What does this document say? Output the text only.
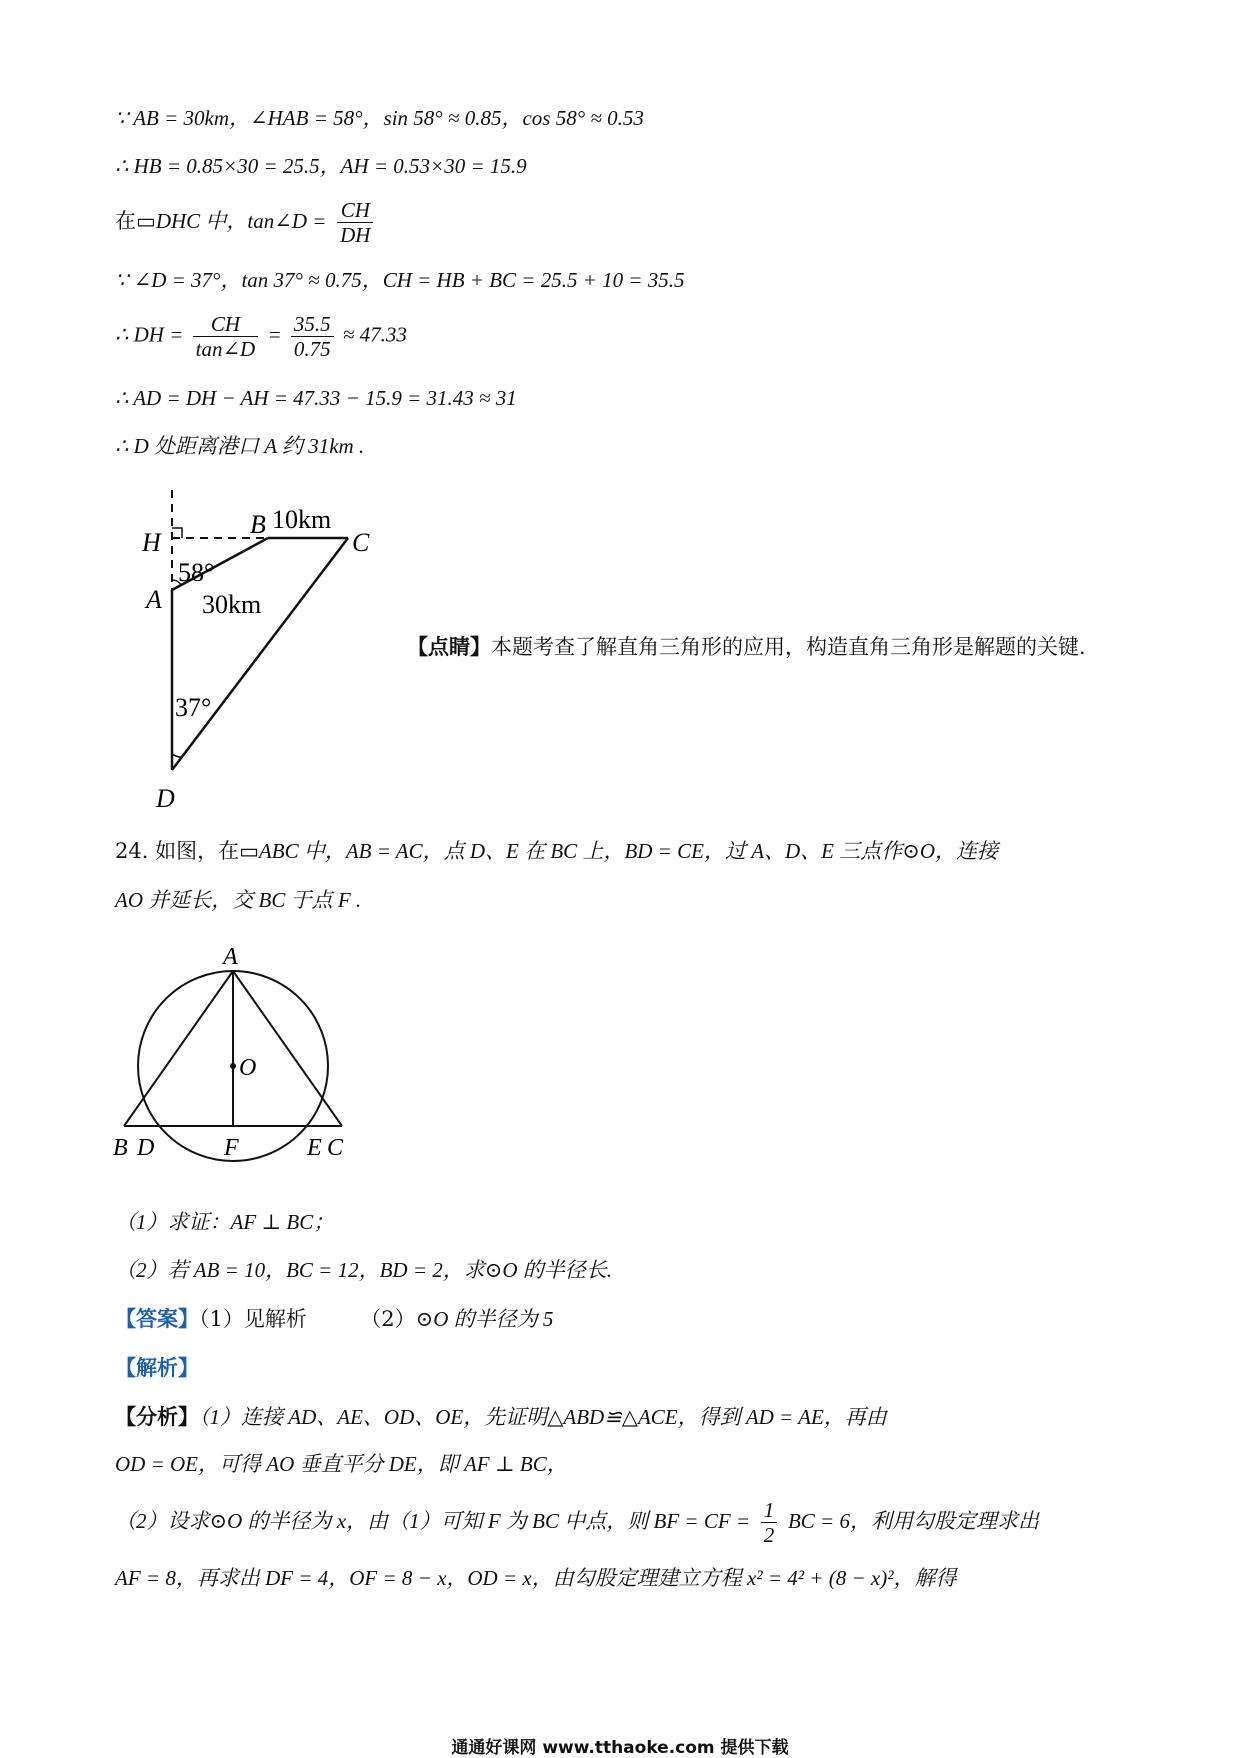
∵ AB = 30km，∠HAB = 58°，sin 58° ≈ 0.85，cos 58° ≈ 0.53
∴ HB = 0.85×30 = 25.5，AH = 0.53×30 = 15.9
在▭DHC 中，tan∠D = $\frac{CH}{DH}$
∵ ∠D = 37°，tan 37° ≈ 0.75，CH = HB + BC = 25.5 + 10 = 35.5
∴ DH = $\frac{CH}{\tan\angle D} = \frac{35.5}{0.75} \approx 47.33$
∴ AD = DH − AH = 47.33 − 15.9 = 31.43 ≈ 31
∴ D 处距离港口 A 约 31km .
H
B 10km
C
58°
A 30km
37°
D
【点睛】本题考查了解直角三角形的应用，构造直角三角形是解题的关键.
24. 如图，在▭ABC 中，AB = AC，点 D、E 在 BC 上，BD = CE，过 A、D、E 三点作⊙O，连接
AO 并延长，交 BC 于点 F .
A
O
B D	F	E C
（1）求证：AF ⊥ BC；
（2）若 AB = 10，BC = 12，BD = 2，求⊙O 的半径长.
【答案】（1）见解析	（2）⊙O 的半径为 5
【解析】
【分析】（1）连接 AD、AE、OD、OE，先证明△ABD≌△ACE，得到 AD = AE，再由
OD = OE，可得 AO 垂直平分 DE，即 AF ⊥ BC，
（2）设求⊙O 的半径为 x，由（1）可知 F 为 BC 中点，则 BF = CF = $\frac{1}{2}$ BC = 6，利用勾股定理求出
AF = 8，再求出 DF = 4，OF = 8 − x，OD = x，由勾股定理建立方程 x² = 4² + (8 − x)²，解得
通通好课网 www.tthaoke.com 提供下载
